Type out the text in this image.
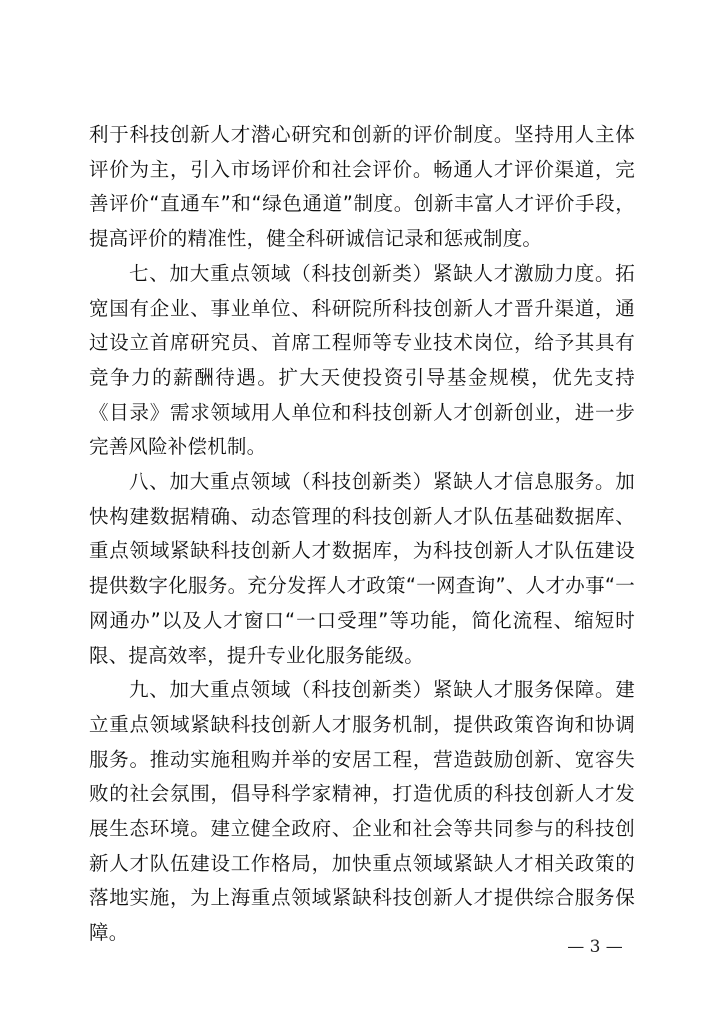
利于科技创新人才潜心研究和创新的评价制度。坚持用人主体评价为主，引入市场评价和社会评价。畅通人才评价渠道，完善评价“直通车”和“绿色通道”制度。创新丰富人才评价手段，提高评价的精准性，健全科研诚信记录和惩戒制度。

七、加大重点领域（科技创新类）紧缺人才激励力度。拓宽国有企业、事业单位、科研院所科技创新人才晋升渠道，通过设立首席研究员、首席工程师等专业技术岗位，给予其具有竞争力的薪酬待遇。扩大天使投资引导基金规模，优先支持《目录》需求领域用人单位和科技创新人才创新创业，进一步完善风险补偿机制。

八、加大重点领域（科技创新类）紧缺人才信息服务。加快构建数据精确、动态管理的科技创新人才队伍基础数据库、重点领域紧缺科技创新人才数据库，为科技创新人才队伍建设提供数字化服务。充分发挥人才政策“一网查询”、人才办事“一网通办”以及人才窗口“一口受理”等功能，简化流程、缩短时限、提高效率，提升专业化服务能级。

九、加大重点领域（科技创新类）紧缺人才服务保障。建立重点领域紧缺科技创新人才服务机制，提供政策咨询和协调服务。推动实施租购并举的安居工程，营造鼓励创新、宽容失败的社会氛围，倡导科学家精神，打造优质的科技创新人才发展生态环境。建立健全政府、企业和社会等共同参与的科技创新人才队伍建设工作格局，加快重点领域紧缺人才相关政策的落地实施，为上海重点领域紧缺科技创新人才提供综合服务保障。

— 3 —
